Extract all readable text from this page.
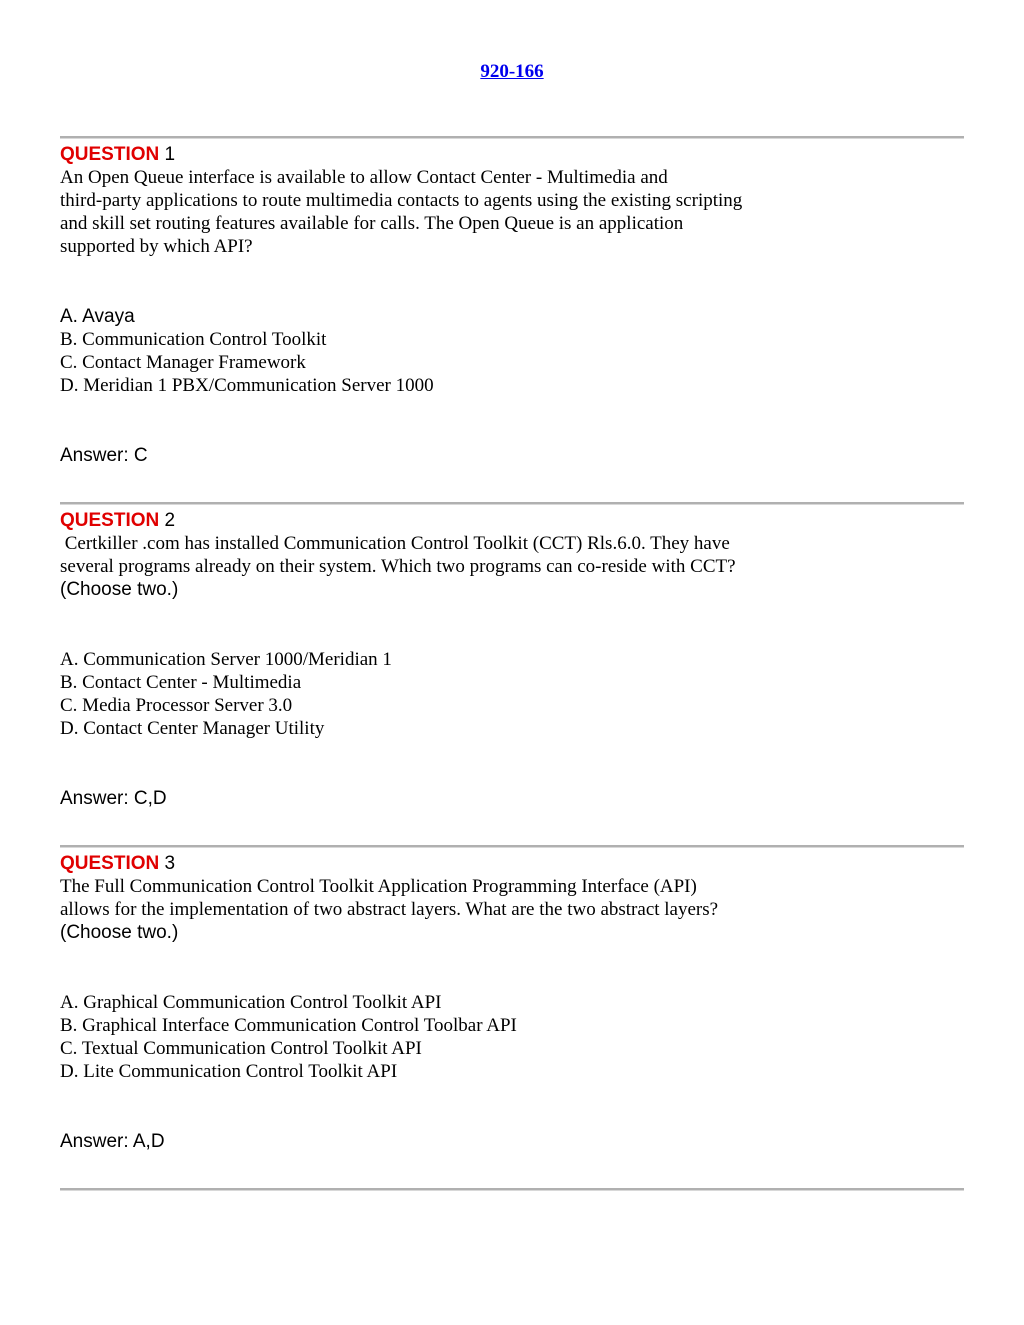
920-166
QUESTION 1
An Open Queue interface is available to allow Contact Center - Multimedia and
third-party applications to route multimedia contacts to agents using the existing scripting
and skill set routing features available for calls. The Open Queue is an application
supported by which API?
A. Avaya
B. Communication Control Toolkit
C. Contact Manager Framework
D. Meridian 1 PBX/Communication Server 1000
Answer: C
QUESTION 2
Certkiller .com has installed Communication Control Toolkit (CCT) Rls.6.0. They have
several programs already on their system. Which two programs can co-reside with CCT?
(Choose two.)
A. Communication Server 1000/Meridian 1
B. Contact Center - Multimedia
C. Media Processor Server 3.0
D. Contact Center Manager Utility
Answer: C,D
QUESTION 3
The Full Communication Control Toolkit Application Programming Interface (API)
allows for the implementation of two abstract layers. What are the two abstract layers?
(Choose two.)
A. Graphical Communication Control Toolkit API
B. Graphical Interface Communication Control Toolbar API
C. Textual Communication Control Toolkit API
D. Lite Communication Control Toolkit API
Answer: A,D
